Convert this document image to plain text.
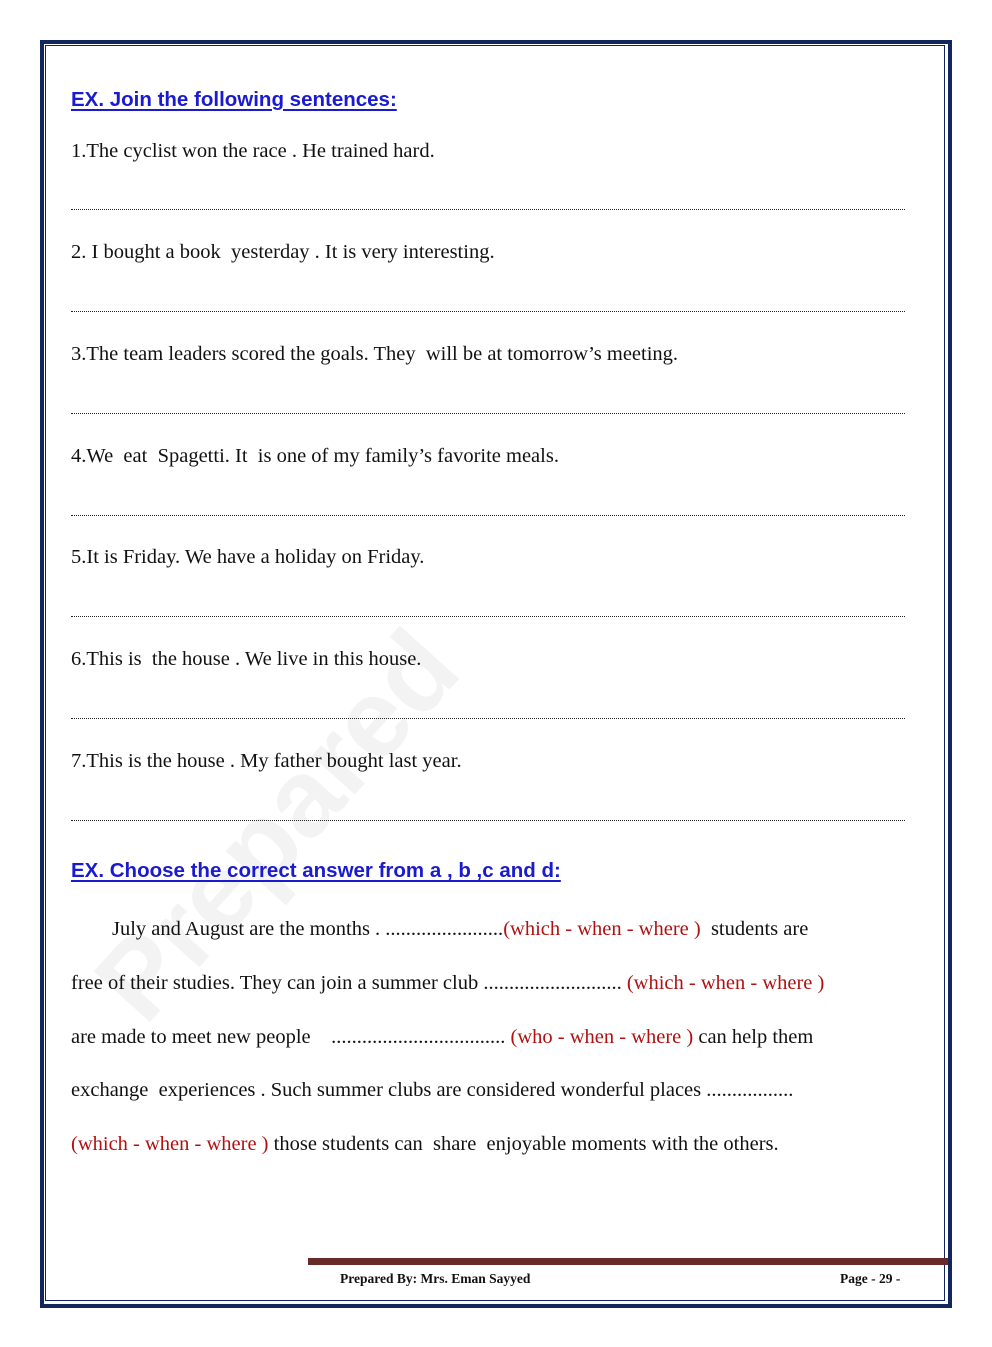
EX. Join the following sentences:
1.The cyclist won the race . He trained hard.
2. I bought a book  yesterday . It is very interesting.
3.The team leaders scored the goals. They  will be at tomorrow’s meeting.
4.We  eat  Spagetti. It  is one of my family’s favorite meals.
5.It is Friday. We have a holiday on Friday.
6.This is  the house . We live in this house.
7.This is the house . My father bought last year.
EX. Choose the correct answer from a , b ,c and d:
July and August are the months . .......................(which - when - where )  students are
free of their studies. They can join a summer club ........................... (which - when - where )
are made to meet new people    .................................. (who - when - where ) can help them
exchange  experiences . Such summer clubs are considered wonderful places .................
(which - when - where ) those students can  share  enjoyable moments with the others.
Prepared By: Mrs. Eman Sayyed	Page - 29 -
